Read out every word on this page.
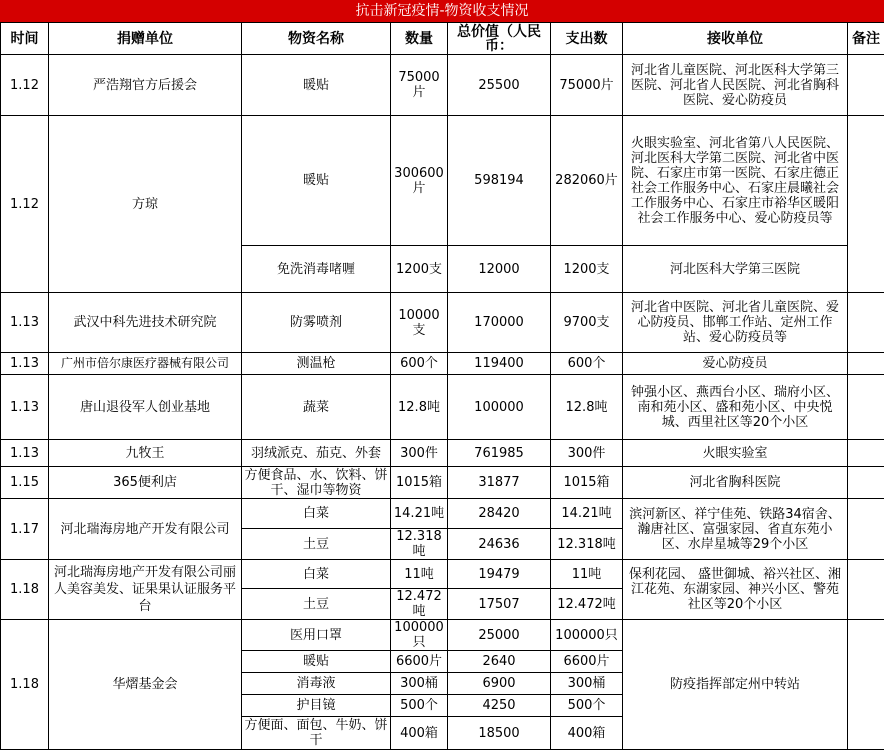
抗击新冠疫情-物资收支情况
时间	捐赠单位	物资名称	数量	总价值（人民币：	支出数	接收单位	备注
1.12	严浩翔官方后援会	暖贴	75000片	25500	75000片	河北省儿童医院、河北医科大学第三医院、河北省人民医院、河北省胸科医院、爱心防疫员	
1.12	方琼	暖贴	300600片	598194	282060片	火眼实验室、河北省第八人民医院、河北医科大学第二医院、河北省中医院、石家庄市第一医院、石家庄德正社会工作服务中心、石家庄晨曦社会工作服务中心、石家庄市裕华区暖阳社会工作服务中心、爱心防疫员等	
		免洗消毒啫喱	1200支	12000	1200支	河北医科大学第三医院	
1.13	武汉中科先进技术研究院	防雾喷剂	10000支	170000	9700支	河北省中医院、河北省儿童医院、爱心防疫员、邯郸工作站、定州工作站、爱心防疫员等	
1.13	广州市倍尔康医疗器械有限公司	测温枪	600个	119400	600个	爱心防疫员	
1.13	唐山退役军人创业基地	蔬菜	12.8吨	100000	12.8吨	钟强小区、燕西台小区、瑞府小区、南和苑小区、盛和苑小区、中央悦城、西里社区等20个小区	
1.13	九牧王	羽绒派克、茄克、外套	300件	761985	300件	火眼实验室	
1.15	365便利店	方便食品、水、饮料、饼干、湿巾等物资	1015箱	31877	1015箱	河北省胸科医院	
1.17	河北瑞海房地产开发有限公司	白菜	14.21吨	28420	14.21吨	滨河新区、祥宁佳苑、铁路34宿舍、瀚唐社区、富强家园、省直东苑小区、水岸星城等29个小区	
		土豆	12.318吨	24636	12.318吨		
1.18	河北瑞海房地产开发有限公司丽人美容美发、证果果认证服务平台	白菜	11吨	19479	11吨	保利花园、 盛世御城、裕兴社区、湘江花苑、东湖家园、神兴小区、警苑社区等20个小区	
		土豆	12.472吨	17507	12.472吨		
1.18	华熠基金会	医用口罩	100000只	25000	100000只	防疫指挥部定州中转站	
		暖贴	6600片	2640	6600片		
		消毒液	300桶	6900	300桶		
		护目镜	500个	4250	500个		
		方便面、面包、牛奶、饼干	400箱	18500	400箱		
